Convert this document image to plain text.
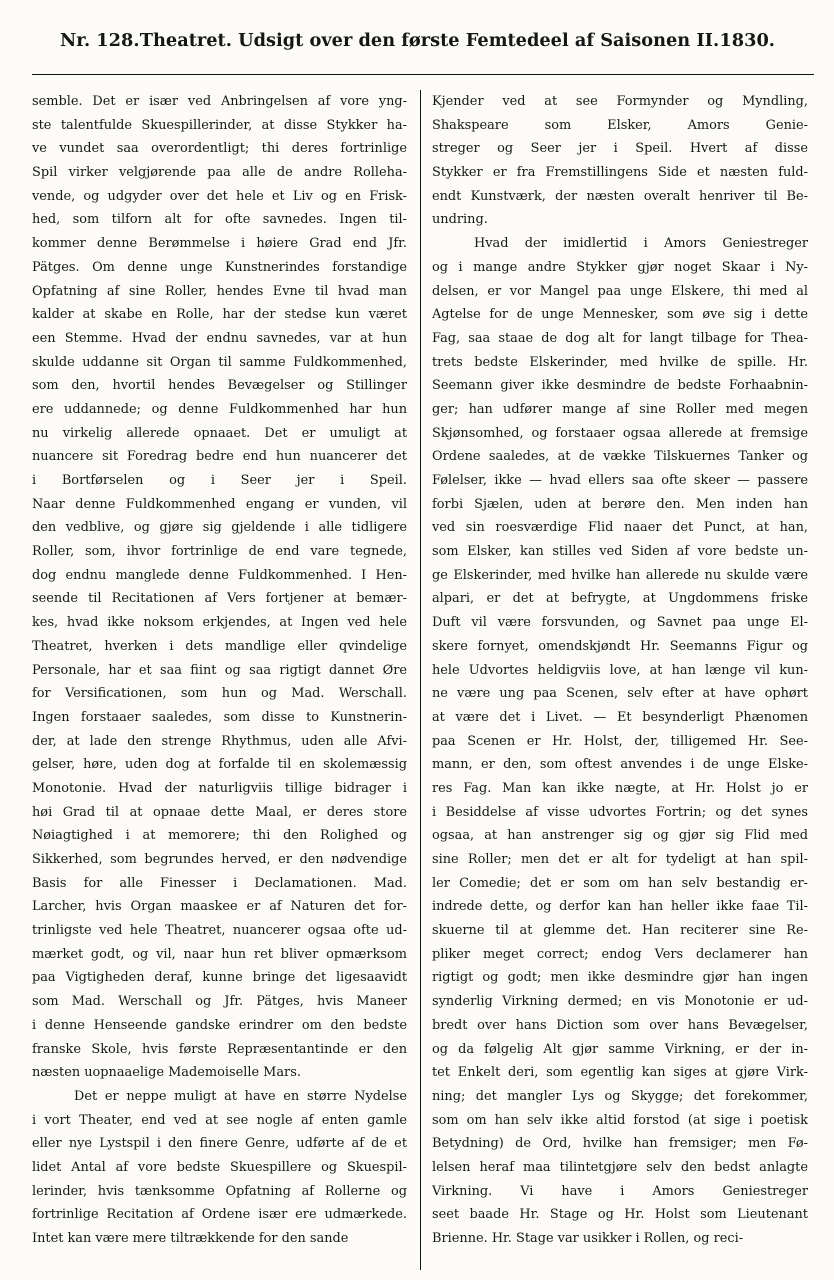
Nr. 128. Theatret. Udsigt over den første Femtedeel af Saisonen II. 1830.
semble. Det er især ved Anbringelsen af vore yng-
ste talentfulde Skuespillerinder, at disse Stykker ha-
ve vundet saa overordentligt; thi deres fortrinlige
Spil virker velgjørende paa alle de andre Rolleha-
vende, og udgyder over det hele et Liv og en Frisk-
hed, som tilforn alt for ofte savnedes. Ingen til-
kommer denne Berømmelse i høiere Grad end Jfr.
Pätges. Om denne unge Kunstnerindes forstandige
Opfatning af sine Roller, hendes Evne til hvad man
kalder at skabe en Rolle, har der stedse kun været
een Stemme. Hvad der endnu savnedes, var at hun
skulde uddanne sit Organ til samme Fuldkommenhed,
som den, hvortil hendes Bevægelser og Stillinger
ere uddannede; og denne Fuldkommenhed har hun
nu virkelig allerede opnaaet. Det er umuligt at
nuancere sit Foredrag bedre end hun nuancerer det
i Bortførselen og i Seer jer i Speil.
Naar denne Fuldkommenhed engang er vunden, vil
den vedblive, og gjøre sig gjeldende i alle tidligere
Roller, som, ihvor fortrinlige de end vare tegnede,
dog endnu manglede denne Fuldkommenhed. I Hen-
seende til Recitationen af Vers fortjener at bemær-
kes, hvad ikke noksom erkjendes, at Ingen ved hele
Theatret, hverken i dets mandlige eller qvindelige
Personale, har et saa fiint og saa rigtigt dannet Øre
for Versificationen, som hun og Mad. Werschall.
Ingen forstaaer saaledes, som disse to Kunstnerin-
der, at lade den strenge Rhythmus, uden alle Afvi-
gelser, høre, uden dog at forfalde til en skolemæssig
Monotonie. Hvad der naturligviis tillige bidrager i
høi Grad til at opnaae dette Maal, er deres store
Nøiagtighed i at memorere; thi den Rolighed og
Sikkerhed, som begrundes herved, er den nødvendige
Basis for alle Finesser i Declamationen. Mad.
Larcher, hvis Organ maaskee er af Naturen det for-
trinligste ved hele Theatret, nuancerer ogsaa ofte ud-
mærket godt, og vil, naar hun ret bliver opmærksom
paa Vigtigheden deraf, kunne bringe det ligesaavidt
som Mad. Werschall og Jfr. Pätges, hvis Maneer
i denne Henseende gandske erindrer om den bedste
franske Skole, hvis første Repræsentantinde er den
næsten uopnaaelige Mademoiselle Mars.
Det er neppe muligt at have en større Nydelse
i vort Theater, end ved at see nogle af enten gamle
eller nye Lystspil i den finere Genre, udførte af de et
lidet Antal af vore bedste Skuespillere og Skuespil-
lerinder, hvis tænksomme Opfatning af Rollerne og
fortrinlige Recitation af Ordene især ere udmærkede.
Intet kan være mere tiltrækkende for den sande
Kjender ved at see Formynder og Myndling,
Shakspeare som Elsker, Amors Genie-
streger og Seer jer i Speil. Hvert af disse
Stykker er fra Fremstillingens Side et næsten fuld-
endt Kunstværk, der næsten overalt henriver til Be-
undring.
Hvad der imidlertid i Amors Geniestreger
og i mange andre Stykker gjør noget Skaar i Ny-
delsen, er vor Mangel paa unge Elskere, thi med al
Agtelse for de unge Mennesker, som øve sig i dette
Fag, saa staae de dog alt for langt tilbage for Thea-
trets bedste Elskerinder, med hvilke de spille. Hr.
Seemann giver ikke desmindre de bedste Forhaabnin-
ger; han udfører mange af sine Roller med megen
Skjønsomhed, og forstaaer ogsaa allerede at fremsige
Ordene saaledes, at de vække Tilskuernes Tanker og
Følelser, ikke — hvad ellers saa ofte skeer — passere
forbi Sjælen, uden at berøre den. Men inden han
ved sin roesværdige Flid naaer det Punct, at han,
som Elsker, kan stilles ved Siden af vore bedste un-
ge Elskerinder, med hvilke han allerede nu skulde være
alpari, er det at befrygte, at Ungdommens friske
Duft vil være forsvunden, og Savnet paa unge El-
skere fornyet, omendskjøndt Hr. Seemanns Figur og
hele Udvortes heldigviis love, at han længe vil kun-
ne være ung paa Scenen, selv efter at have ophørt
at være det i Livet. — Et besynderligt Phænomen
paa Scenen er Hr. Holst, der, tilligemed Hr. See-
mann, er den, som oftest anvendes i de unge Elske-
res Fag. Man kan ikke nægte, at Hr. Holst jo er
i Besiddelse af visse udvortes Fortrin; og det synes
ogsaa, at han anstrenger sig og gjør sig Flid med
sine Roller; men det er alt for tydeligt at han spil-
ler Comedie; det er som om han selv bestandig er-
indrede dette, og derfor kan han heller ikke faae Til-
skuerne til at glemme det. Han reciterer sine Re-
pliker meget correct; endog Vers declamerer han
rigtigt og godt; men ikke desmindre gjør han ingen
synderlig Virkning dermed; en vis Monotonie er ud-
bredt over hans Diction som over hans Bevægelser,
og da følgelig Alt gjør samme Virkning, er der in-
tet Enkelt deri, som egentlig kan siges at gjøre Virk-
ning; det mangler Lys og Skygge; det forekommer,
som om han selv ikke altid forstod (at sige i poetisk
Betydning) de Ord, hvilke han fremsiger; men Fø-
lelsen heraf maa tilintetgjøre selv den bedst anlagte
Virkning. Vi have i Amors Geniestreger
seet baade Hr. Stage og Hr. Holst som Lieutenant
Brienne. Hr. Stage var usikker i Rollen, og reci-
